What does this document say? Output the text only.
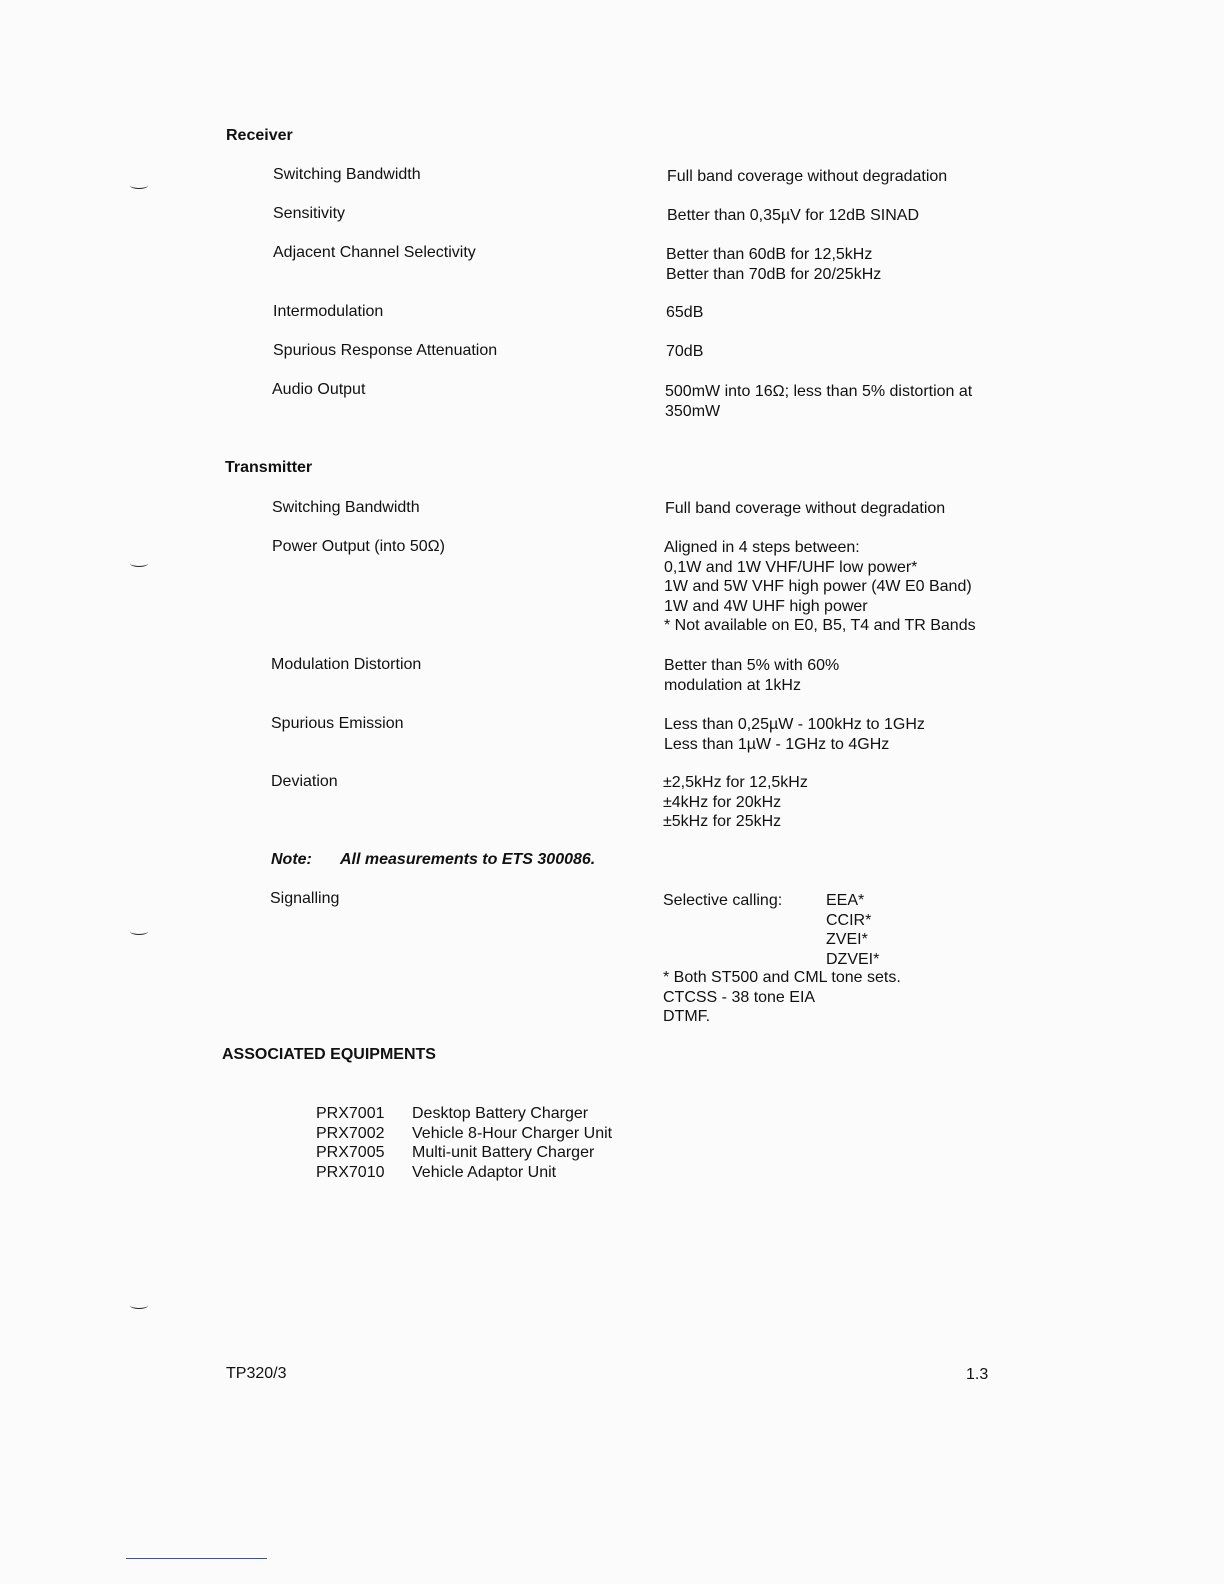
Receiver
Switching Bandwidth	Full band coverage without degradation
Sensitivity	Better than 0,35µV for 12dB SINAD
Adjacent Channel Selectivity	Better than 60dB for 12,5kHz
Better than 70dB for 20/25kHz
Intermodulation	65dB
Spurious Response Attenuation	70dB
Audio Output	500mW into 16Ω; less than 5% distortion at
350mW
Transmitter
Switching Bandwidth	Full band coverage without degradation
Power Output (into 50Ω)	Aligned in 4 steps between:
0,1W and 1W VHF/UHF low power*
1W and 5W VHF high power (4W E0 Band)
1W and 4W UHF high power
* Not available on E0, B5, T4 and TR Bands
Modulation Distortion	Better than 5% with 60%
modulation at 1kHz
Spurious Emission	Less than 0,25µW - 100kHz to 1GHz
Less than 1µW - 1GHz to 4GHz
Deviation	±2,5kHz for 12,5kHz
±4kHz for 20kHz
±5kHz for 25kHz
Note: All measurements to ETS 300086.
Signalling	Selective calling:	EEA*
CCIR*
ZVEI*
DZVEI*
* Both ST500 and CML tone sets.
CTCSS - 38 tone EIA
DTMF.
ASSOCIATED EQUIPMENTS
PRX7001	Desktop Battery Charger
PRX7002	Vehicle 8-Hour Charger Unit
PRX7005	Multi-unit Battery Charger
PRX7010	Vehicle Adaptor Unit
TP320/3	1.3
